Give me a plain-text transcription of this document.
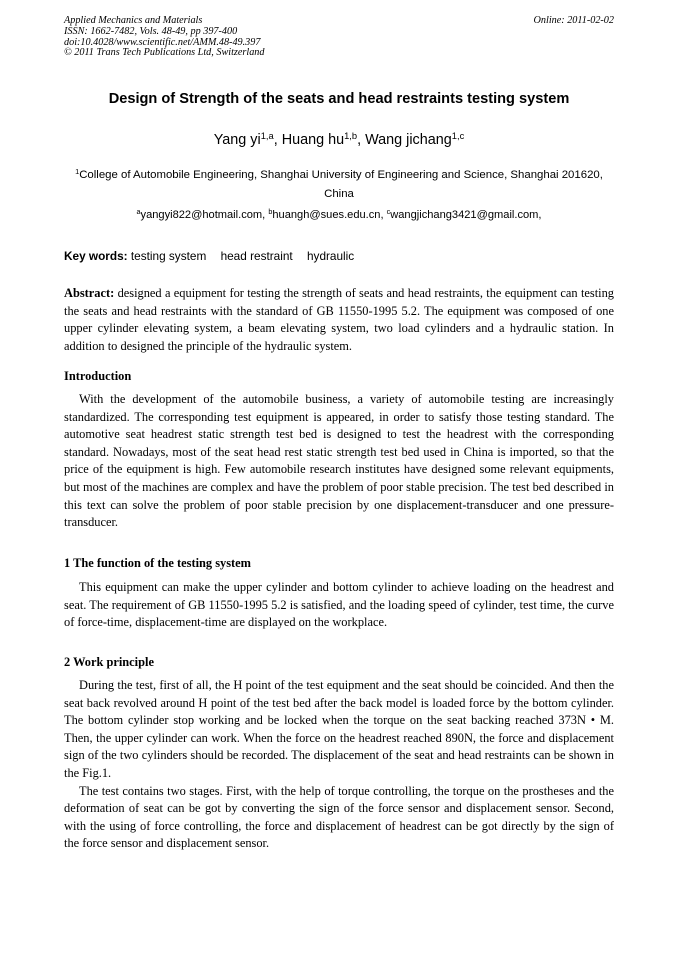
Applied Mechanics and Materials
ISSN: 1662-7482, Vols. 48-49, pp 397-400
doi:10.4028/www.scientific.net/AMM.48-49.397
© 2011 Trans Tech Publications Ltd, Switzerland
Online: 2011-02-02
Design of Strength of the seats and head restraints testing system
Yang yi$^{1,a}$, Huang hu$^{1,b}$, Wang jichang$^{1,c}$
$^1$College of Automobile Engineering, Shanghai University of Engineering and Science, Shanghai 201620, China
$^a$yangyi822@hotmail.com, $^b$huangh@sues.edu.cn, $^c$wangjichang3421@gmail.com,
Key words: testing system head restraint hydraulic

Abstract: designed a equipment for testing the strength of seats and head restraints, the equipment can testing the seats and head restraints with the standard of GB 11550-1995 5.2. The equipment was composed of one upper cylinder elevating system, a beam elevating system, two load cylinders and a hydraulic station. In addition to designed the principle of the hydraulic system.

Introduction

With the development of the automobile business, a variety of automobile testing are increasingly standardized. The corresponding test equipment is appeared, in order to satisfy those testing standard. The automotive seat headrest static strength test bed is designed to test the headrest with the corresponding standard. Nowadays, most of the seat head rest static strength test bed used in China is imported, so that the price of the equipment is high. Few automobile research institutes have designed some relevant equipments, but most of the machines are complex and have the problem of poor stable precision. The test bed described in this text can solve the problem of poor stable precision by one displacement-transducer and one pressure-transducer.

1 The function of the testing system

This equipment can make the upper cylinder and bottom cylinder to achieve loading on the headrest and seat. The requirement of GB 11550-1995 5.2 is satisfied, and the loading speed of cylinder, test time, the curve of force-time, displacement-time are displayed on the workplace.

2 Work principle

During the test, first of all, the H point of the test equipment and the seat should be coincided. And then the seat back revolved around H point of the test bed after the back model is loaded force by the bottom cylinder. The bottom cylinder stop working and be locked when the torque on the seat backing reached 373N • M. Then, the upper cylinder can work. When the force on the headrest reached 890N, the force and displacement sign of the two cylinders should be recorded. The displacement of the seat and head restraints can be shown in the Fig.1.

The test contains two stages. First, with the help of torque controlling, the torque on the prostheses and the deformation of seat can be got by converting the sign of the force sensor and displacement sensor. Second, with the using of force controlling, the force and displacement of headrest can be got directly by the sign of the force sensor and displacement sensor.
